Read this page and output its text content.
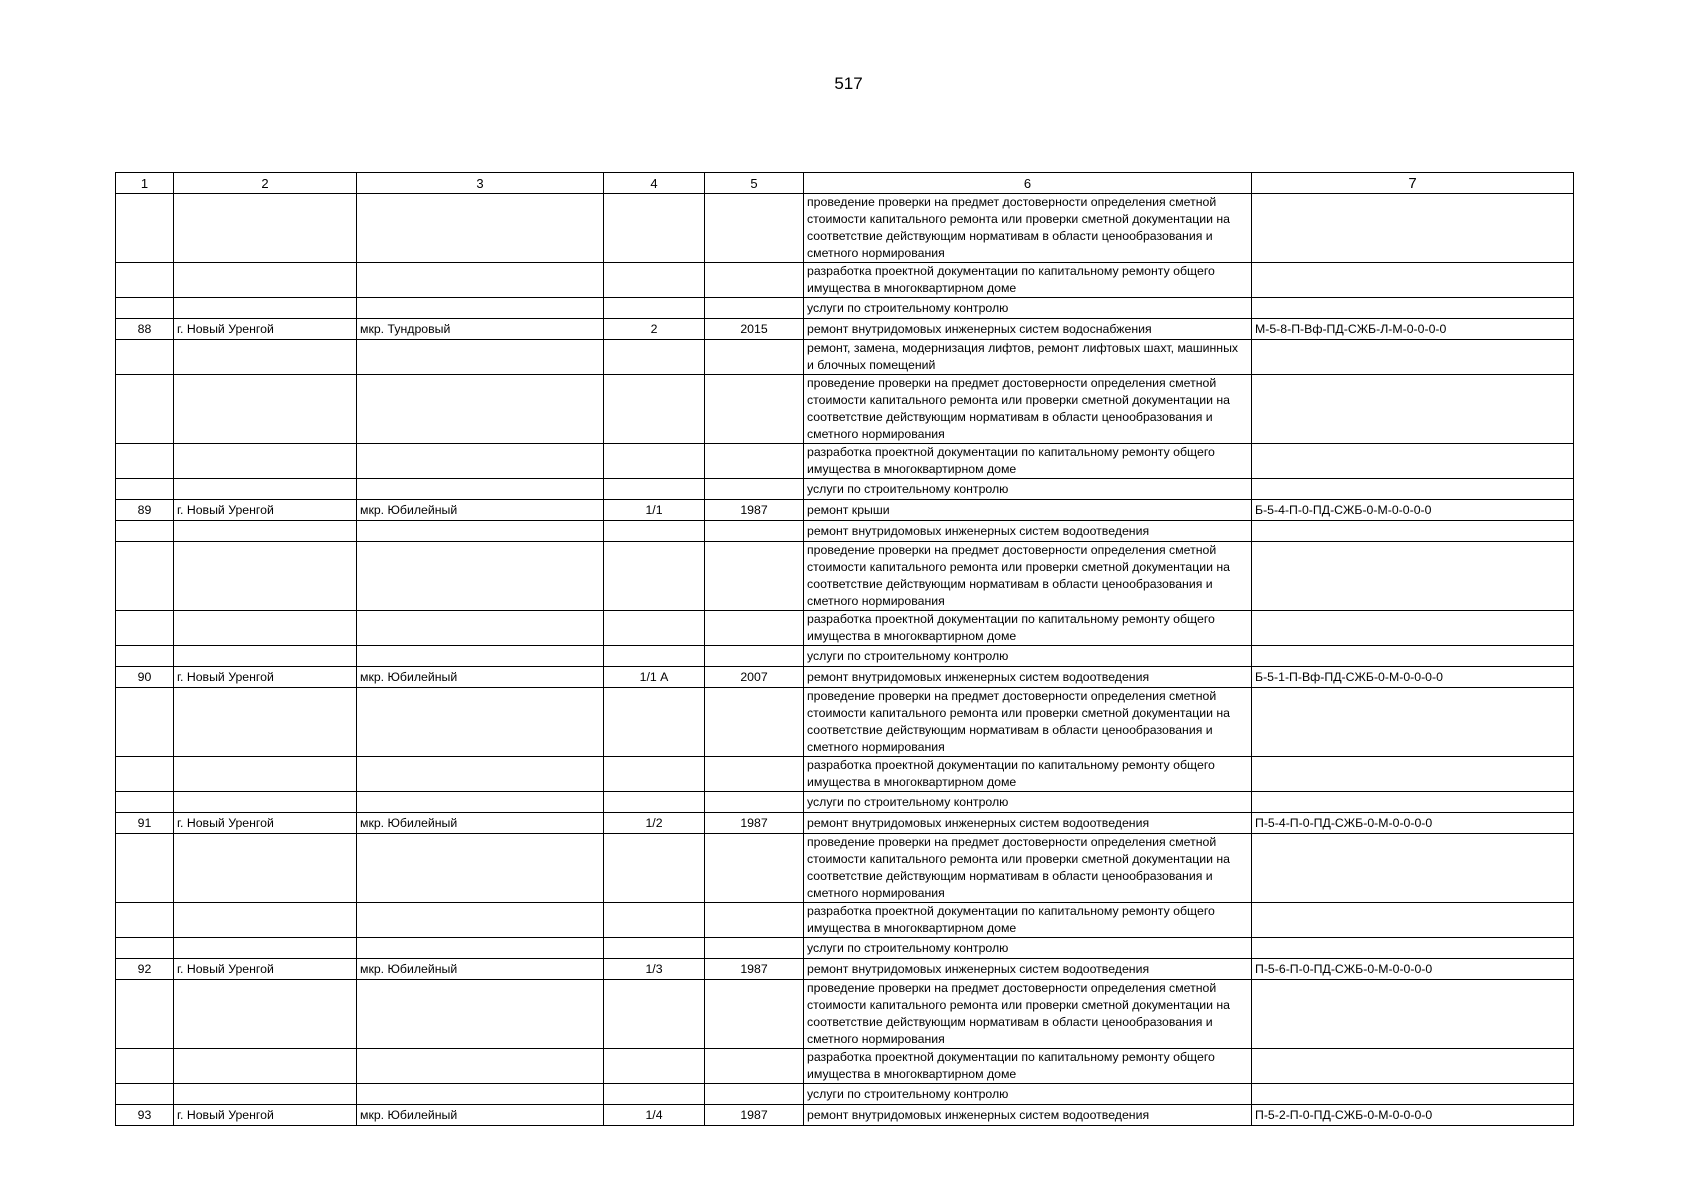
517
1	2	3	4	5	6	7
					проведение проверки на предмет достоверности определения сметной стоимости капитального ремонта или проверки сметной документации на соответствие действующим нормативам в области ценообразования и сметного нормирования	
					разработка проектной документации по капитальному ремонту общего имущества в многоквартирном доме	
					услуги по строительному контролю	
88	г. Новый Уренгой	мкр. Тундровый	2	2015	ремонт внутридомовых инженерных систем водоснабжения	М-5-8-П-Вф-ПД-СЖБ-Л-М-0-0-0-0
					ремонт, замена, модернизация лифтов, ремонт лифтовых шахт, машинных и блочных помещений	
					проведение проверки на предмет достоверности определения сметной стоимости капитального ремонта или проверки сметной документации на соответствие действующим нормативам в области ценообразования и сметного нормирования	
					разработка проектной документации по капитальному ремонту общего имущества в многоквартирном доме	
					услуги по строительному контролю	
89	г. Новый Уренгой	мкр. Юбилейный	1/1	1987	ремонт крыши	Б-5-4-П-0-ПД-СЖБ-0-М-0-0-0-0
					ремонт внутридомовых инженерных систем водоотведения	
					проведение проверки на предмет достоверности определения сметной стоимости капитального ремонта или проверки сметной документации на соответствие действующим нормативам в области ценообразования и сметного нормирования	
					разработка проектной документации по капитальному ремонту общего имущества в многоквартирном доме	
					услуги по строительному контролю	
90	г. Новый Уренгой	мкр. Юбилейный	1/1 А	2007	ремонт внутридомовых инженерных систем водоотведения	Б-5-1-П-Вф-ПД-СЖБ-0-М-0-0-0-0
					проведение проверки на предмет достоверности определения сметной стоимости капитального ремонта или проверки сметной документации на соответствие действующим нормативам в области ценообразования и сметного нормирования	
					разработка проектной документации по капитальному ремонту общего имущества в многоквартирном доме	
					услуги по строительному контролю	
91	г. Новый Уренгой	мкр. Юбилейный	1/2	1987	ремонт внутридомовых инженерных систем водоотведения	П-5-4-П-0-ПД-СЖБ-0-М-0-0-0-0
					проведение проверки на предмет достоверности определения сметной стоимости капитального ремонта или проверки сметной документации на соответствие действующим нормативам в области ценообразования и сметного нормирования	
					разработка проектной документации по капитальному ремонту общего имущества в многоквартирном доме	
					услуги по строительному контролю	
92	г. Новый Уренгой	мкр. Юбилейный	1/3	1987	ремонт внутридомовых инженерных систем водоотведения	П-5-6-П-0-ПД-СЖБ-0-М-0-0-0-0
					проведение проверки на предмет достоверности определения сметной стоимости капитального ремонта или проверки сметной документации на соответствие действующим нормативам в области ценообразования и сметного нормирования	
					разработка проектной документации по капитальному ремонту общего имущества в многоквартирном доме	
					услуги по строительному контролю	
93	г. Новый Уренгой	мкр. Юбилейный	1/4	1987	ремонт внутридомовых инженерных систем водоотведения	П-5-2-П-0-ПД-СЖБ-0-М-0-0-0-0
